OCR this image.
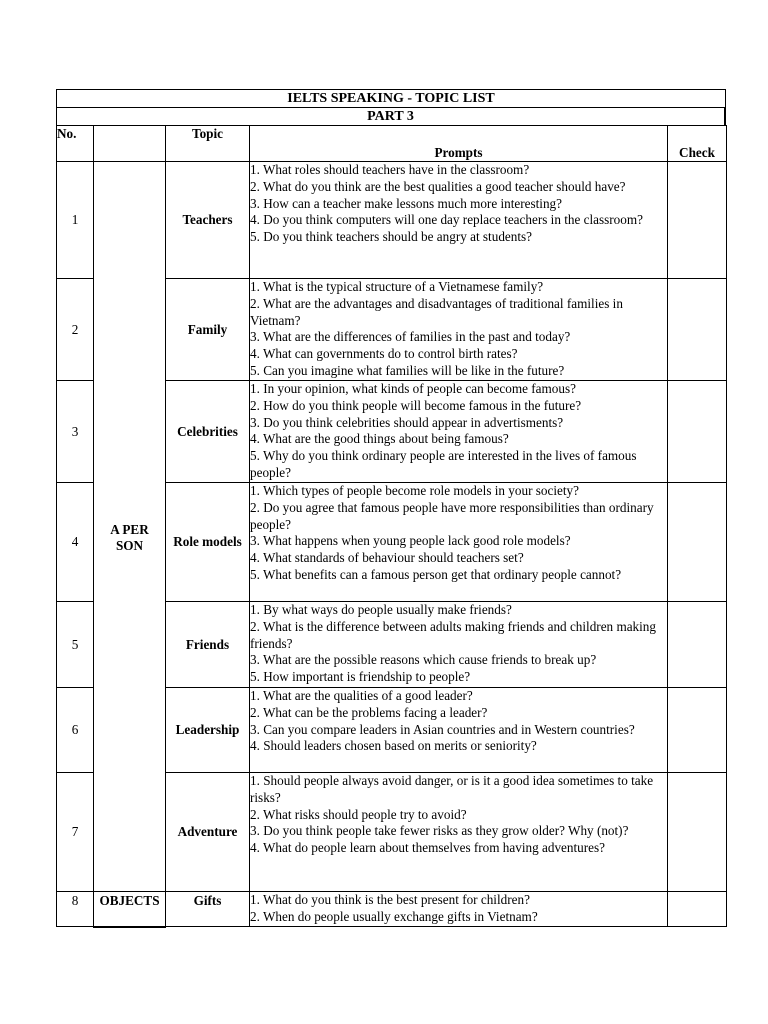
IELTS SPEAKING - TOPIC LIST
PART 3
No.		Topic	Prompts	Check
1	A PERSON	Teachers	1. What roles should teachers have in the classroom?
2. What do you think are the best qualities a good teacher should have?
3. How can a teacher make lessons much more interesting?
4. Do you think computers will one day replace teachers in the classroom?
5. Do you think teachers should be angry at students?	

2		Family	1. What is the typical structure of a Vietnamese family?
2. What are the advantages and disadvantages of traditional families in Vietnam?
3. What are the differences of families in the past and today?
4. What can governments do to control birth rates?
5. Can you imagine what families will be like in the future?	

3		Celebrities	1. In your opinion, what kinds of people can become famous?
2. How do you think people will become famous in the future?
3. Do you think celebrities should appear in advertisments?
4. What are the good things about being famous?
5. Why do you think ordinary people are interested in the lives of famous people?	

4		Role models	1. Which types of people become role models in your society?
2. Do you agree that famous people have more responsibilities than ordinary people?
3. What happens when young people lack good role models?
4. What standards of behaviour should teachers set?
5. What benefits can a famous person get that ordinary people cannot?	

5		Friends	1. By what ways do people usually make friends?
2. What is the difference between adults making friends and children making friends?
3. What are the possible reasons which cause friends to break up?
5. How important is friendship to people?	

6		Leadership	1. What are the qualities of a good leader?
2. What can be the problems facing a leader?
3. Can you compare leaders in Asian countries and in Western countries?
4. Should leaders chosen based on merits or seniority?	

7		Adventure	1. Should people always avoid danger, or is it a good idea sometimes to take risks?
2. What risks should people try to avoid?
3. Do you think people take fewer risks as they grow older? Why (not)?
4. What do people learn about themselves from having adventures?	

8	OBJECTS	Gifts	1. What do you think is the best present for children?
2. When do people usually exchange gifts in Vietnam?	
